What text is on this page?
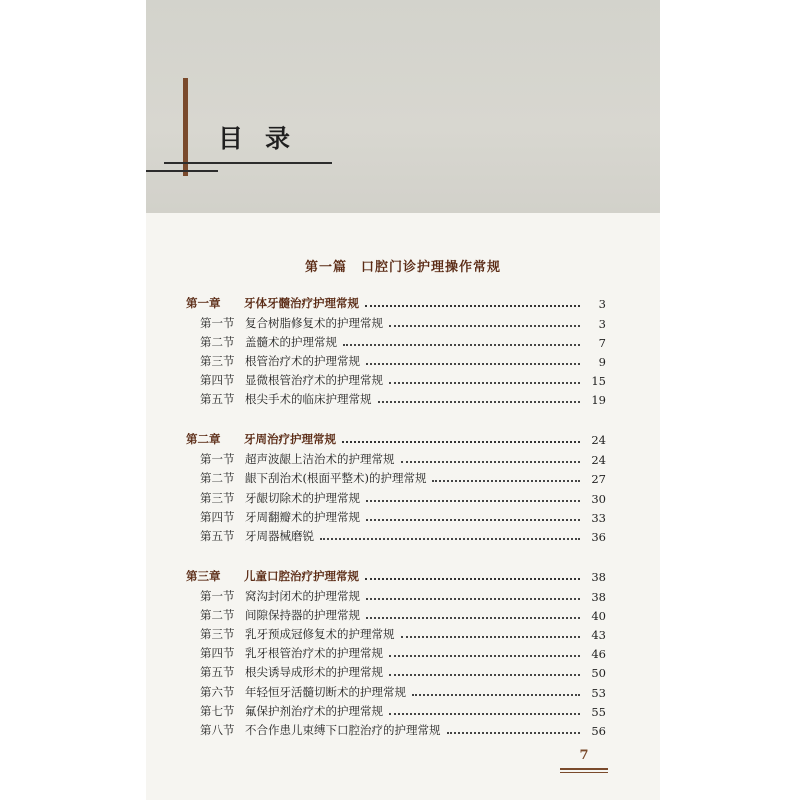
目录
第一篇　口腔门诊护理操作常规
第一章	牙体牙髓治疗护理常规	3
第一节 复合树脂修复术的护理常规	3
第二节 盖髓术的护理常规	7
第三节 根管治疗术的护理常规	9
第四节 显微根管治疗术的护理常规	15
第五节 根尖手术的临床护理常规	19
第二章	牙周治疗护理常规	24
第一节 超声波龈上洁治术的护理常规	24
第二节 龈下刮治术(根面平整术)的护理常规	27
第三节 牙龈切除术的护理常规	30
第四节 牙周翻瓣术的护理常规	33
第五节 牙周器械磨锐	36
第三章	儿童口腔治疗护理常规	38
第一节 窝沟封闭术的护理常规	38
第二节 间隙保持器的护理常规	40
第三节 乳牙预成冠修复术的护理常规	43
第四节 乳牙根管治疗术的护理常规	46
第五节 根尖诱导成形术的护理常规	50
第六节 年轻恒牙活髓切断术的护理常规	53
第七节 氟保护剂治疗术的护理常规	55
第八节 不合作患儿束缚下口腔治疗的护理常规	56
7
